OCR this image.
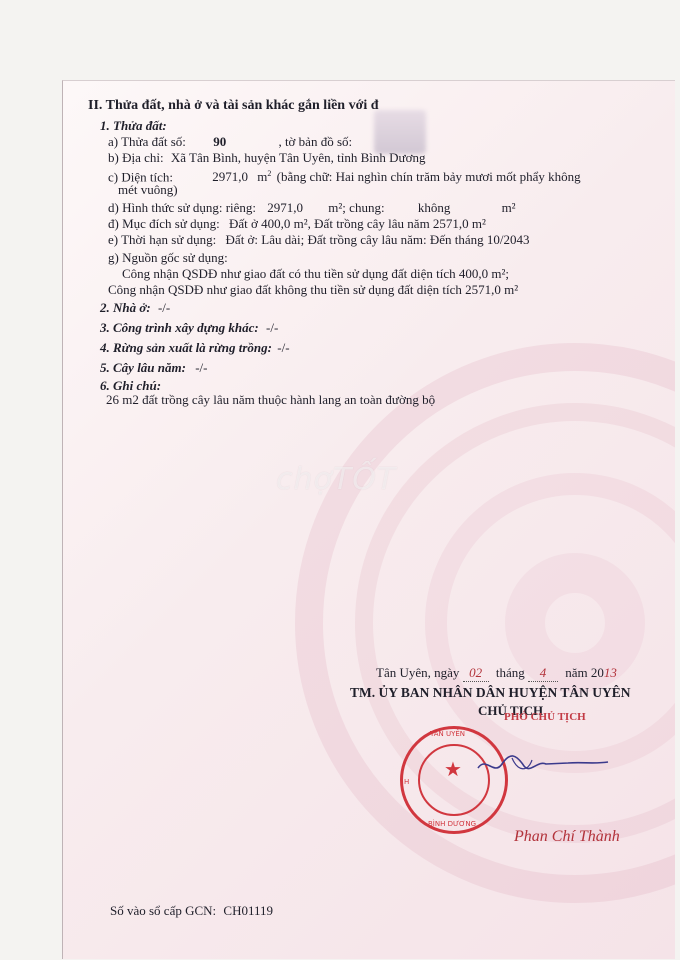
II. Thửa đất, nhà ở và tài sản khác gắn liền với đ
1. Thửa đất:
a) Thửa đất số: 90	, tờ bản đồ số:
b) Địa chỉ: Xã Tân Bình, huyện Tân Uyên, tỉnh Bình Dương
c) Diện tích:	2971,0 $m^2$ (bằng chữ: Hai nghìn chín trăm bảy mươi mốt phẩy không
mét vuông)
d) Hình thức sử dụng: riêng: 2971,0 m²; chung:	không	m²
đ) Mục đích sử dụng: Đất ở 400,0 m², Đất trồng cây lâu năm 2571,0 m²
e) Thời hạn sử dụng: Đất ở: Lâu dài; Đất trồng cây lâu năm: Đến tháng 10/2043
g) Nguồn gốc sử dụng:
Công nhận QSDĐ như giao đất có thu tiền sử dụng đất diện tích 400,0 m²;
Công nhận QSDĐ như giao đất không thu tiền sử dụng đất diện tích 2571,0 m²
2. Nhà ở: -/-
3. Công trình xây dựng khác: -/-
4. Rừng sản xuất là rừng trồng: -/-
5. Cây lâu năm: -/-
6. Ghi chú:
26 m2 đất trồng cây lâu năm thuộc hành lang an toàn đường bộ
chợTỐT
Tân Uyên, ngày 02 tháng 4 năm 2013
TM. ỦY BAN NHÂN DÂN HUYỆN TÂN UYÊN
CHỦ TỊCH
PHÓ CHỦ TỊCH
★
TÂN UYÊN
H
BÌNH DƯƠNG
Phan Chí Thành
Số vào sổ cấp GCN: CH01119
